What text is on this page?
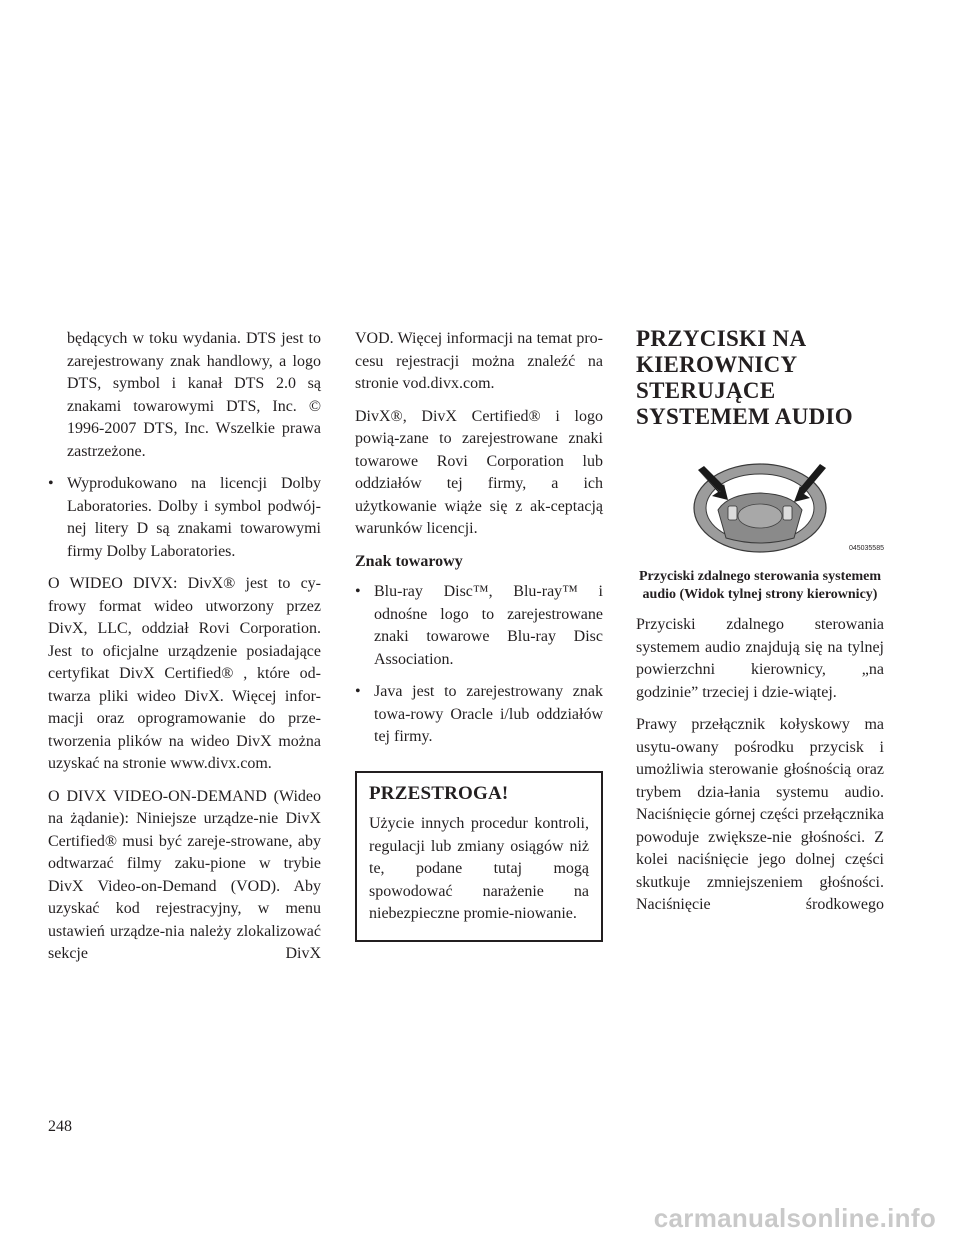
będących w toku wydania. DTS jest to zarejestrowany znak handlowy, a logo DTS, symbol i kanał DTS 2.0 są znakami towarowymi DTS, Inc. © 1996-2007 DTS, Inc. Wszelkie prawa zastrzeżone.

• Wyprodukowano na licencji Dolby Laboratories. Dolby i symbol podwój-nej litery D są znakami towarowymi firmy Dolby Laboratories.

O WIDEO DIVX: DivX® jest to cy-frowy format wideo utworzony przez DivX, LLC, oddział Rovi Corporation. Jest to oficjalne urządzenie posiadające certyfikat DivX Certified® , które od-twarza pliki wideo DivX. Więcej infor-macji oraz oprogramowanie do prze-tworzenia plików na wideo DivX można uzyskać na stronie www.divx.com.

O DIVX VIDEO-ON-DEMAND (Wideo na żądanie): Niniejsze urządze-nie DivX Certified® musi być zareje-strowane, aby odtwarzać filmy zaku-pione w trybie DivX Video-on-Demand (VOD). Aby uzyskać kod rejestracyjny, w menu ustawień urządze-nia należy zlokalizować sekcje DivX

VOD. Więcej informacji na temat pro-cesu rejestracji można znaleźć na stronie vod.divx.com.

DivX®, DivX Certified® i logo powią-zane to zarejestrowane znaki towarowe Rovi Corporation lub oddziałów tej firmy, a ich użytkowanie wiąże się z ak-ceptacją warunków licencji.

Znak towarowy
• Blu-ray Disc™, Blu-ray™ i odnośne logo to zarejestrowane znaki towarowe Blu-ray Disc Association.
• Java jest to zarejestrowany znak towa-rowy Oracle i/lub oddziałów tej firmy.
PRZESTROGA!

Użycie innych procedur kontroli, regulacji lub zmiany osiągów niż te, podane tutaj mogą spowodować narażenie na niebezpieczne promie-niowanie.

PRZYCISKI NA KIEROWNICY STERUJĄCE SYSTEMEM AUDIO
045035585
Przyciski zdalnego sterowania systemem audio (Widok tylnej strony kierownicy)

Przyciski zdalnego sterowania systemem audio znajdują się na tylnej powierzchni kierownicy, „na godzinie” trzeciej i dzie-wiątej.

Prawy przełącznik kołyskowy ma usytu-owany pośrodku przycisk i umożliwia sterowanie głośnością oraz trybem dzia-łania systemu audio. Naciśnięcie górnej części przełącznika powoduje zwiększe-nie głośności. Z kolei naciśnięcie jego dolnej części skutkuje zmniejszeniem głośności. Naciśnięcie środkowego

248
carmanualsonline.info
